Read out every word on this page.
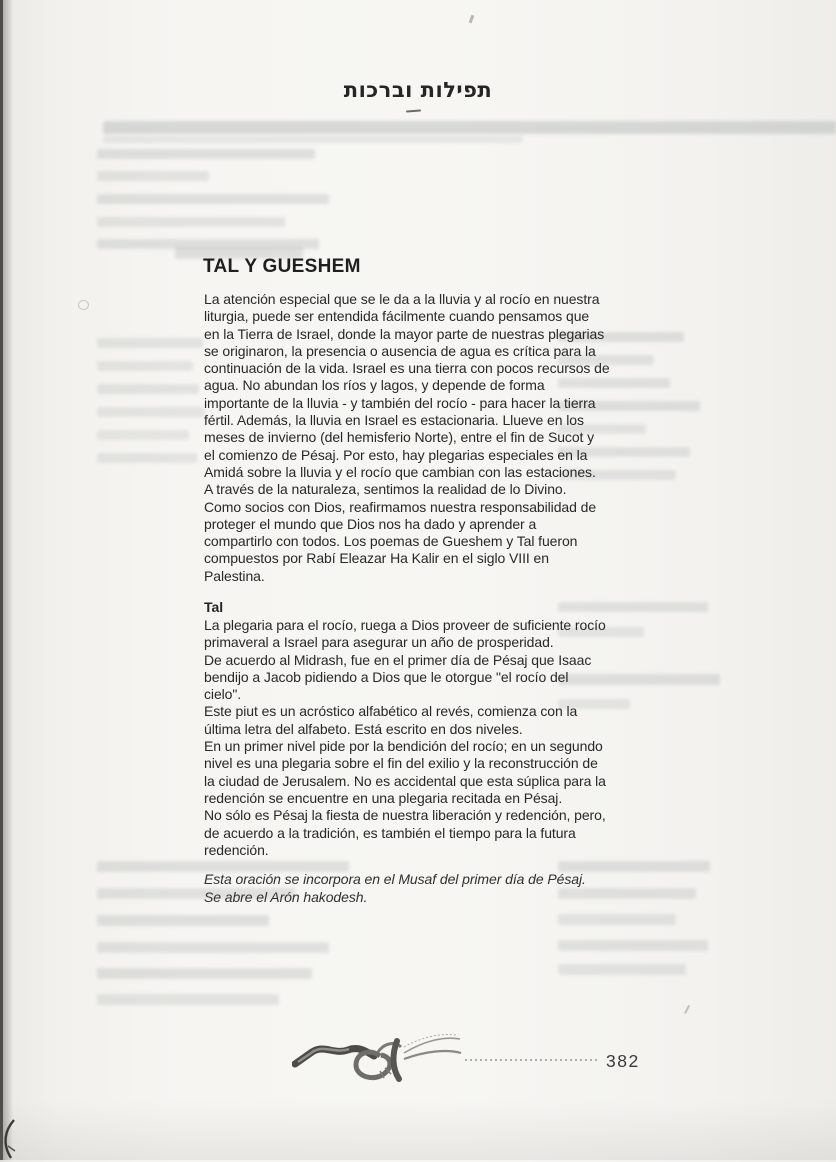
תפילות וברכות
TAL Y GUESHEM
La atención especial que se le da a la lluvia y al rocío en nuestra
liturgia, puede ser entendida fácilmente cuando pensamos que
en la Tierra de Israel, donde la mayor parte de nuestras plegarias
se originaron, la presencia o ausencia de agua es crítica para la
continuación de la vida. Israel es una tierra con pocos recursos de
agua. No abundan los ríos y lagos, y depende de forma
importante de la lluvia - y también del rocío - para hacer la tierra
fértil. Además, la lluvia en Israel es estacionaria. Llueve en los
meses de invierno (del hemisferio Norte), entre el fin de Sucot y
el comienzo de Pésaj. Por esto, hay plegarias especiales en la
Amidá sobre la lluvia y el rocío que cambian con las estaciones.
A través de la naturaleza, sentimos la realidad de lo Divino.
Como socios con Dios, reafirmamos nuestra responsabilidad de
proteger el mundo que Dios nos ha dado y aprender a
compartirlo con todos. Los poemas de Gueshem y Tal fueron
compuestos por Rabí Eleazar Ha Kalir en el siglo VIII en
Palestina.
Tal
La plegaria para el rocío, ruega a Dios proveer de suficiente rocío
primaveral a Israel para asegurar un año de prosperidad.
De acuerdo al Midrash, fue en el primer día de Pésaj que Isaac
bendijo a Jacob pidiendo a Dios que le otorgue "el rocío del
cielo".
Este piut es un acróstico alfabético al revés, comienza con la
última letra del alfabeto. Está escrito en dos niveles.
En un primer nivel pide por la bendición del rocío; en un segundo
nivel es una plegaria sobre el fin del exilio y la reconstrucción de
la ciudad de Jerusalem. No es accidental que esta súplica para la
redención se encuentre en una plegaria recitada en Pésaj.
No sólo es Pésaj la fiesta de nuestra liberación y redención, pero,
de acuerdo a la tradición, es también el tiempo para la futura
redención.
Esta oración se incorpora en el Musaf del primer día de Pésaj.
Se abre el Arón hakodesh.
382
